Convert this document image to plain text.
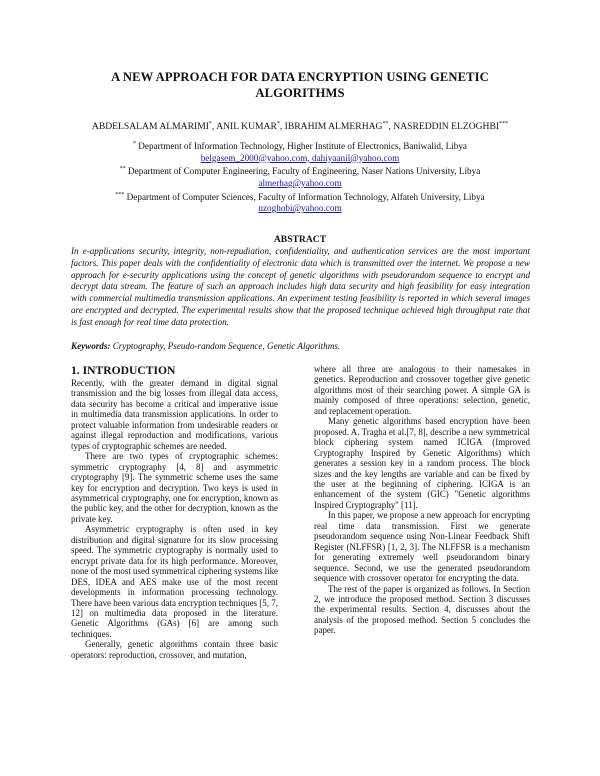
A NEW APPROACH FOR DATA ENCRYPTION USING GENETIC ALGORITHMS
ABDELSALAM ALMARIMI*, ANIL KUMAR*, IBRAHIM ALMERHAG**, NASREDDIN ELZOGHBI***
* Department of Information Technology, Higher Institute of Electronics, Baniwalid, Libya
belgasem_2000@yahoo.com, dahiyaanil@yahoo.com
** Department of Computer Engineering, Faculty of Engineering, Naser Nations University, Libya
almerhag@yahoo.com
*** Department of Computer Sciences, Faculty of Information Technology, Alfateh University, Libya
nzoghobi@yahoo.com
ABSTRACT
In e-applications security, integrity, non-repudiation, confidentiality, and authentication services are the most important factors. This paper deals with the confidentiality of electronic data which is transmitted over the internet. We propose a new approach for e-security applications using the concept of genetic algorithms with pseudorandom sequence to encrypt and decrypt data stream. The feature of such an approach includes high data security and high feasibility for easy integration with commercial multimedia transmission applications. An experiment testing feasibility is reported in which several images are encrypted and decrypted. The experimental results show that the proposed technique achieved high throughput rate that is fast enough for real time data protection.
Keywords: Cryptography, Pseudo-random Sequence, Genetic Algorithms.
1. INTRODUCTION

Recently, with the greater demand in digital signal transmission and the big losses from illegal data access, data security has become a critical and imperative issue in multimedia data transmission applications. In order to protect valuable information from undesirable readers or against illegal reproduction and modifications, various types of cryptographic schemes are needed.

There are two types of cryptographic schemes: symmetric cryptography [4, 8] and asymmetric cryptography [9]. The symmetric scheme uses the same key for encryption and decryption. Two keys is used in asymmetrical cryptography, one for encryption, known as the public key, and the other for decryption, known as the private key.

Asymmetric cryptography is often used in key distribution and digital signature for its slow processing speed. The symmetric cryptography is normally used to encrypt private data for its high performance. Moreover, none of the most used symmetrical ciphering systems like DES, IDEA and AES make use of the most recent developments in information processing technology. There have been various data encryption techniques [5, 7, 12] on multimedia data proposed in the literature. Genetic Algorithms (GAs) [6] are among such techniques.

Generally, genetic algorithms contain three basic operators: reproduction, crossover, and mutation,

where all three are analogous to their namesakes in genetics. Reproduction and crossover together give genetic algorithms most of their searching power. A simple GA is mainly composed of three operations: selection, genetic, and replacement operation.

Many genetic algorithms based encryption have been proposed. A. Tragha et al.[7, 8], describe a new symmetrical block ciphering system named ICIGA (Improved Cryptography Inspired by Genetic Algorithms) which generates a session key in a random process. The block sizes and the key lengths are variable and can be fixed by the user at the beginning of ciphering. ICIGA is an enhancement of the system (GIC) "Genetic algorithms Inspired Cryptography" [11].

In this paper, we propose a new approach for encrypting real time data transmission. First we generate pseudorandom sequence using Non-Linear Feedback Shift Register (NLFFSR) [1, 2, 3]. The NLFFSR is a mechanism for generating extremely well pseudorandom binary sequence. Second, we use the generated pseudorandom sequence with crossover operator for encrypting the data.

The rest of the paper is organized as follows. In Section 2, we introduce the proposed method. Section 3 discusses the experimental results. Section 4, discusses about the analysis of the proposed method. Section 5 concludes the paper.
